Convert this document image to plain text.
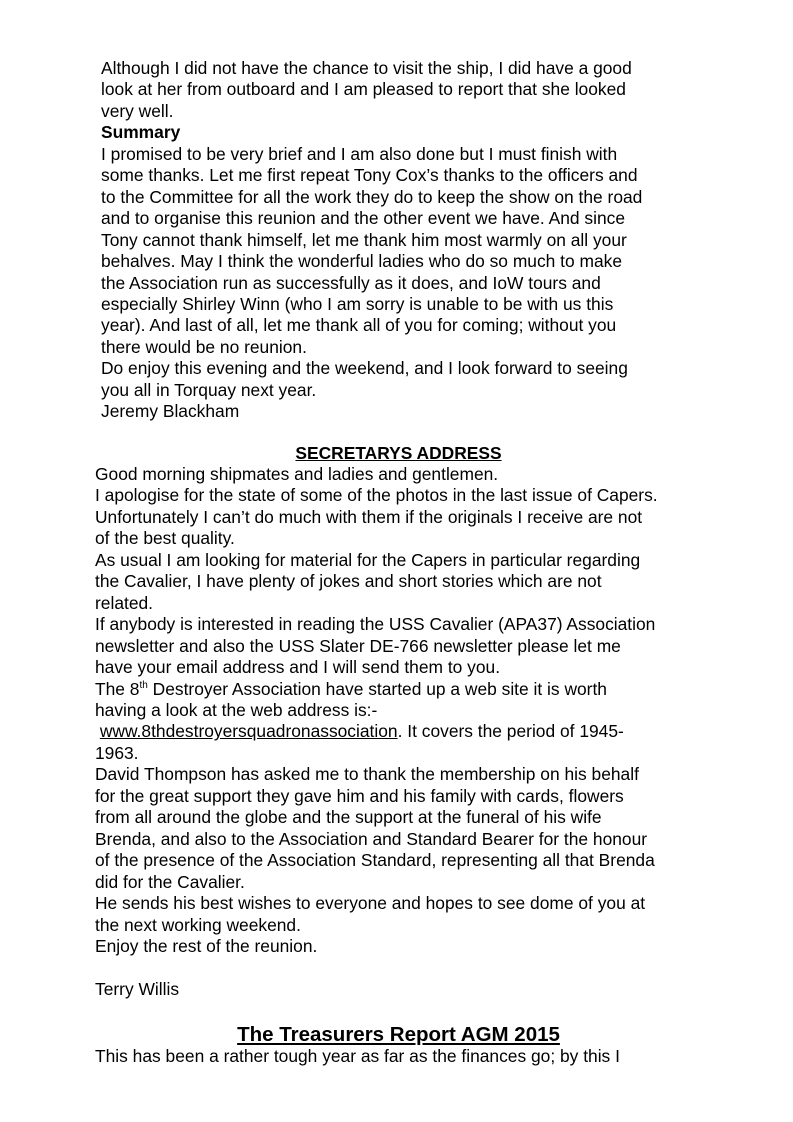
Although I did not have the chance to visit the ship, I did have a good

look at her from outboard and I am pleased to report that she looked

very well.

Summary

I promised to be very brief and I am also done but I must finish with

some thanks. Let me first repeat Tony Cox’s thanks to the officers and

to the Committee for all the work they do to keep the show on the road

and to organise this reunion and the other event we have. And since

Tony cannot thank himself, let me thank him most warmly on all your

behalves. May I think the wonderful ladies who do so much to make

the Association run as successfully as it does, and IoW tours and

especially Shirley Winn (who I am sorry is unable to be with us this

year). And last of all, let me thank all of you for coming; without you

there would be no reunion.

Do enjoy this evening and the weekend, and I look forward to seeing

you all in Torquay next year.

Jeremy Blackham

SECRETARYS ADDRESS

Good morning shipmates and ladies and gentlemen.

I apologise for the state of some of the photos in the last issue of Capers.

Unfortunately I can’t do much with them if the originals I receive are not

of the best quality.

As usual I am looking for material for the Capers in particular regarding

the Cavalier, I have plenty of jokes and short stories which are not

related.

If anybody is interested in reading the USS Cavalier (APA37) Association

newsletter and also the USS Slater DE-766 newsletter please let me

have your email address and I will send them to you.

The 8th Destroyer Association have started up a web site it is worth

having a look at the web address is:-

www.8thdestroyersquadronassociation. It covers the period of 1945-

1963.

David Thompson has asked me to thank the membership on his behalf

for the great support they gave him and his family with cards, flowers

from all around the globe and the support at the funeral of his wife

Brenda, and also to the Association and Standard Bearer for the honour

of the presence of the Association Standard, representing all that Brenda

did for the Cavalier.

He sends his best wishes to everyone and hopes to see dome of you at

the next working weekend.

Enjoy the rest of the reunion.

Terry Willis

The Treasurers Report AGM 2015
This has been a rather tough year as far as the finances go; by this I
